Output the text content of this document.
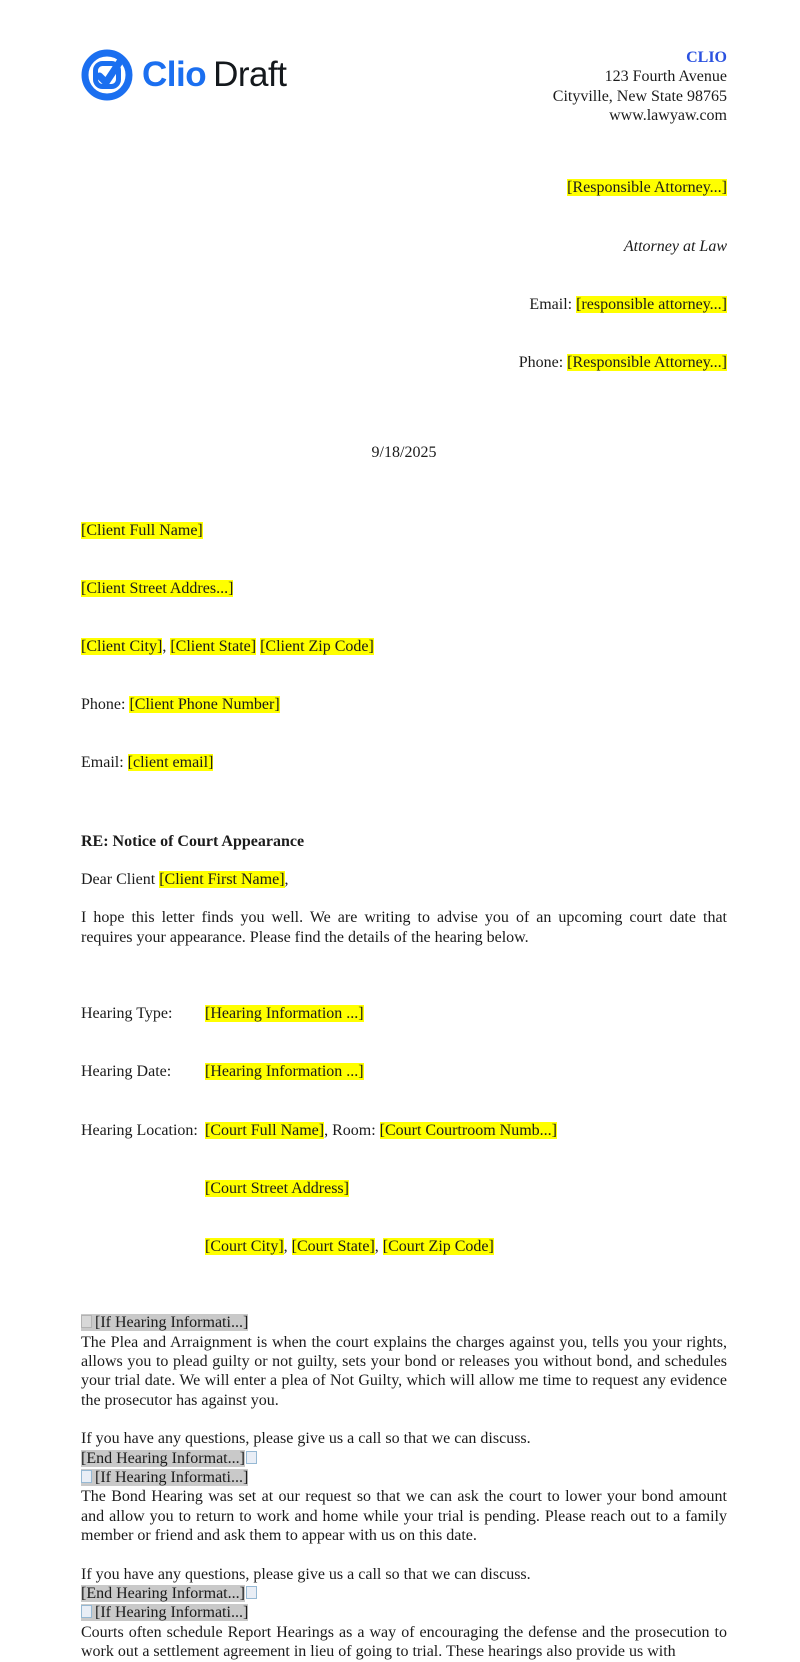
Clio Draft	CLIO
123 Fourth Avenue
Cityville, New State 98765
www.lawyaw.com

[Responsible Attorney...]

Attorney at Law

Email: [responsible attorney...]

Phone: [Responsible Attorney...]

9/18/2025

[Client Full Name]

[Client Street Addres...]

[Client City], [Client State] [Client Zip Code]

Phone: [Client Phone Number]

Email: [client email]

RE: Notice of Court Appearance

Dear Client [Client First Name],

I hope this letter finds you well. We are writing to advise you of an upcoming court date that requires your appearance. Please find the details of the hearing below.

Hearing Type: [Hearing Information ...]

Hearing Date: [Hearing Information ...]

Hearing Location: [Court Full Name], Room: [Court Courtroom Numb...]

[Court Street Address]

[Court City], [Court State], [Court Zip Code]

[If Hearing Informati...]

The Plea and Arraignment is when the court explains the charges against you, tells you your rights, allows you to plead guilty or not guilty, sets your bond or releases you without bond, and schedules your trial date. We will enter a plea of Not Guilty, which will allow me time to request any evidence the prosecutor has against you.

If you have any questions, please give us a call so that we can discuss.

[End Hearing Informat...]
[If Hearing Informati...]

The Bond Hearing was set at our request so that we can ask the court to lower your bond amount and allow you to return to work and home while your trial is pending. Please reach out to a family member or friend and ask them to appear with us on this date.

If you have any questions, please give us a call so that we can discuss.

[End Hearing Informat...]
[If Hearing Informati...]

Courts often schedule Report Hearings as a way of encouraging the defense and the prosecution to work out a settlement agreement in lieu of going to trial. These hearings also provide us with
